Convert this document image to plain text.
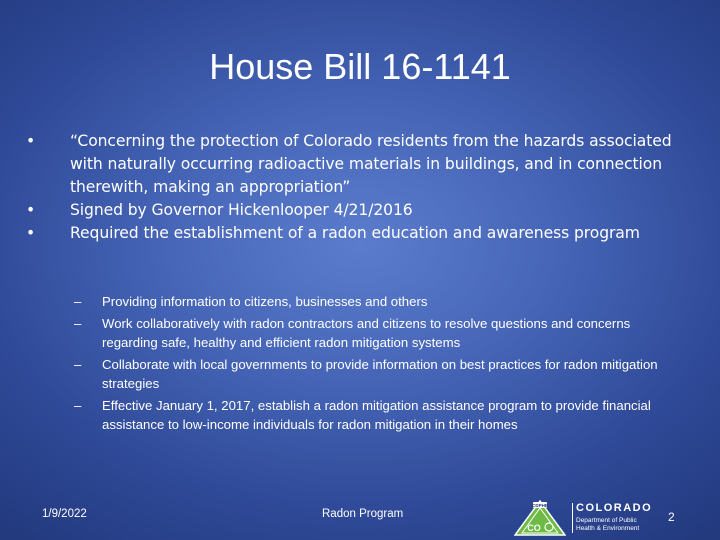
House Bill 16-1141
• “Concerning the protection of Colorado residents from the hazards associated with naturally occurring radioactive materials in buildings, and in connection therewith, making an appropriation”
• Signed by Governor Hickenlooper 4/21/2016
• Required the establishment of a radon education and awareness program
– Providing information to citizens, businesses and others
– Work collaboratively with radon contractors and citizens to resolve questions and concerns regarding safe, healthy and efficient radon mitigation systems
– Collaborate with local governments to provide information on best practices for radon mitigation strategies
– Effective January 1, 2017, establish a radon mitigation assistance program to provide financial assistance to low-income individuals for radon mitigation in their homes
1/9/2022	Radon Program
CDPHE
CO
COLORADO
Department of Public
Health & Environment
2
